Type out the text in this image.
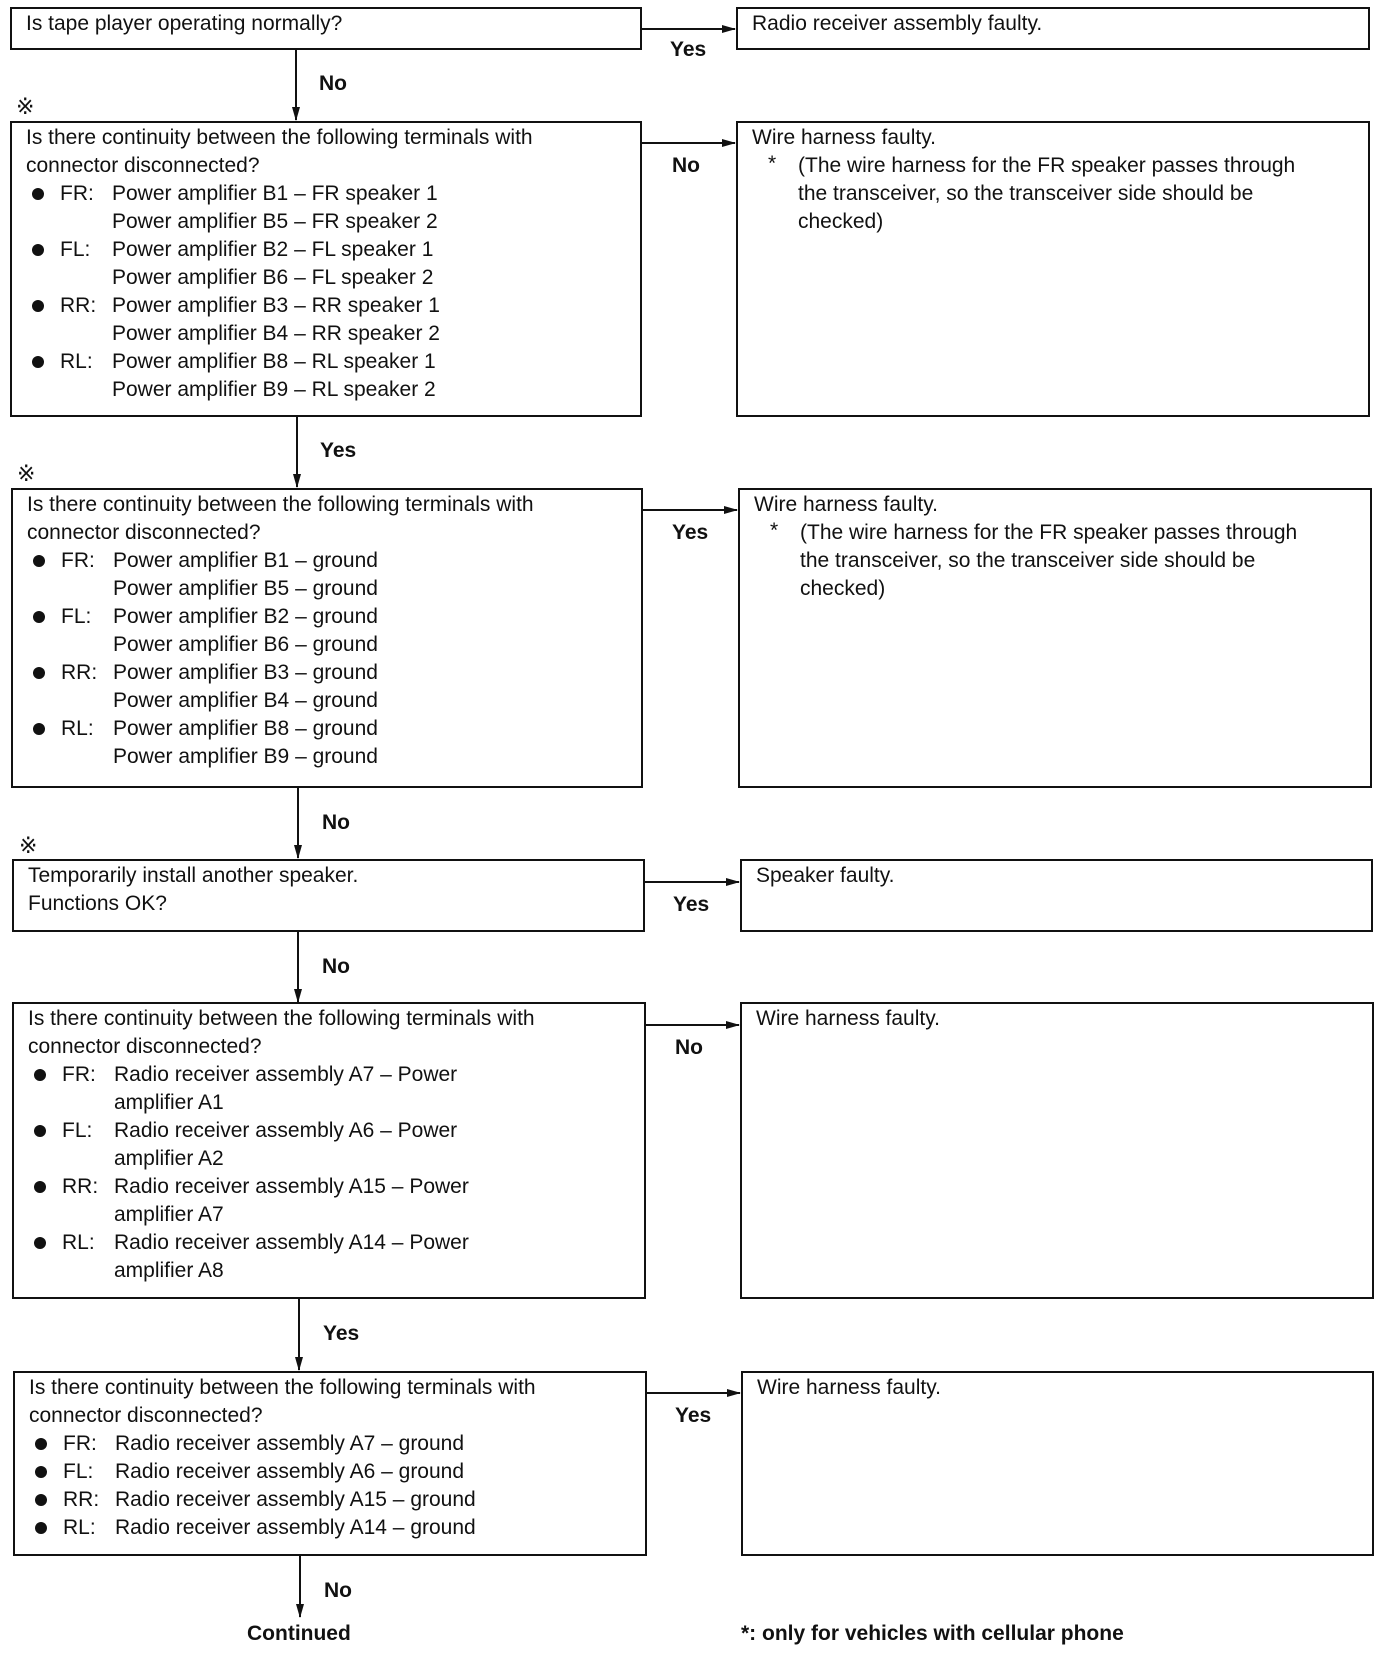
Is tape player operating normally?
Yes
Radio receiver assembly faulty.
No
※
Is there continuity between the following terminals with
connector disconnected?
FR: Power amplifier B1 – FR speaker 1
Power amplifier B5 – FR speaker 2
FL: Power amplifier B2 – FL speaker 1
Power amplifier B6 – FL speaker 2
RR: Power amplifier B3 – RR speaker 1
Power amplifier B4 – RR speaker 2
RL: Power amplifier B8 – RL speaker 1
Power amplifier B9 – RL speaker 2
No
Wire harness faulty.
* (The wire harness for the FR speaker passes through
the transceiver, so the transceiver side should be
checked)
Yes
※
Is there continuity between the following terminals with
connector disconnected?
FR: Power amplifier B1 – ground
Power amplifier B5 – ground
FL: Power amplifier B2 – ground
Power amplifier B6 – ground
RR: Power amplifier B3 – ground
Power amplifier B4 – ground
RL: Power amplifier B8 – ground
Power amplifier B9 – ground
Yes
Wire harness faulty.
* (The wire harness for the FR speaker passes through
the transceiver, so the transceiver side should be
checked)
No
※
Temporarily install another speaker.
Functions OK?	Yes
Speaker faulty.
No
Is there continuity between the following terminals with
connector disconnected?
FR: Radio receiver assembly A7 – Power
amplifier A1
FL: Radio receiver assembly A6 – Power
amplifier A2
RR: Radio receiver assembly A15 – Power
amplifier A7
RL: Radio receiver assembly A14 – Power
amplifier A8
No
Wire harness faulty.
Yes
Is there continuity between the following terminals with
connector disconnected?
FR: Radio receiver assembly A7 – ground
FL: Radio receiver assembly A6 – ground
RR: Radio receiver assembly A15 – ground
RL: Radio receiver assembly A14 – ground
Yes
Wire harness faulty.
No
Continued	*: only for vehicles with cellular phone
